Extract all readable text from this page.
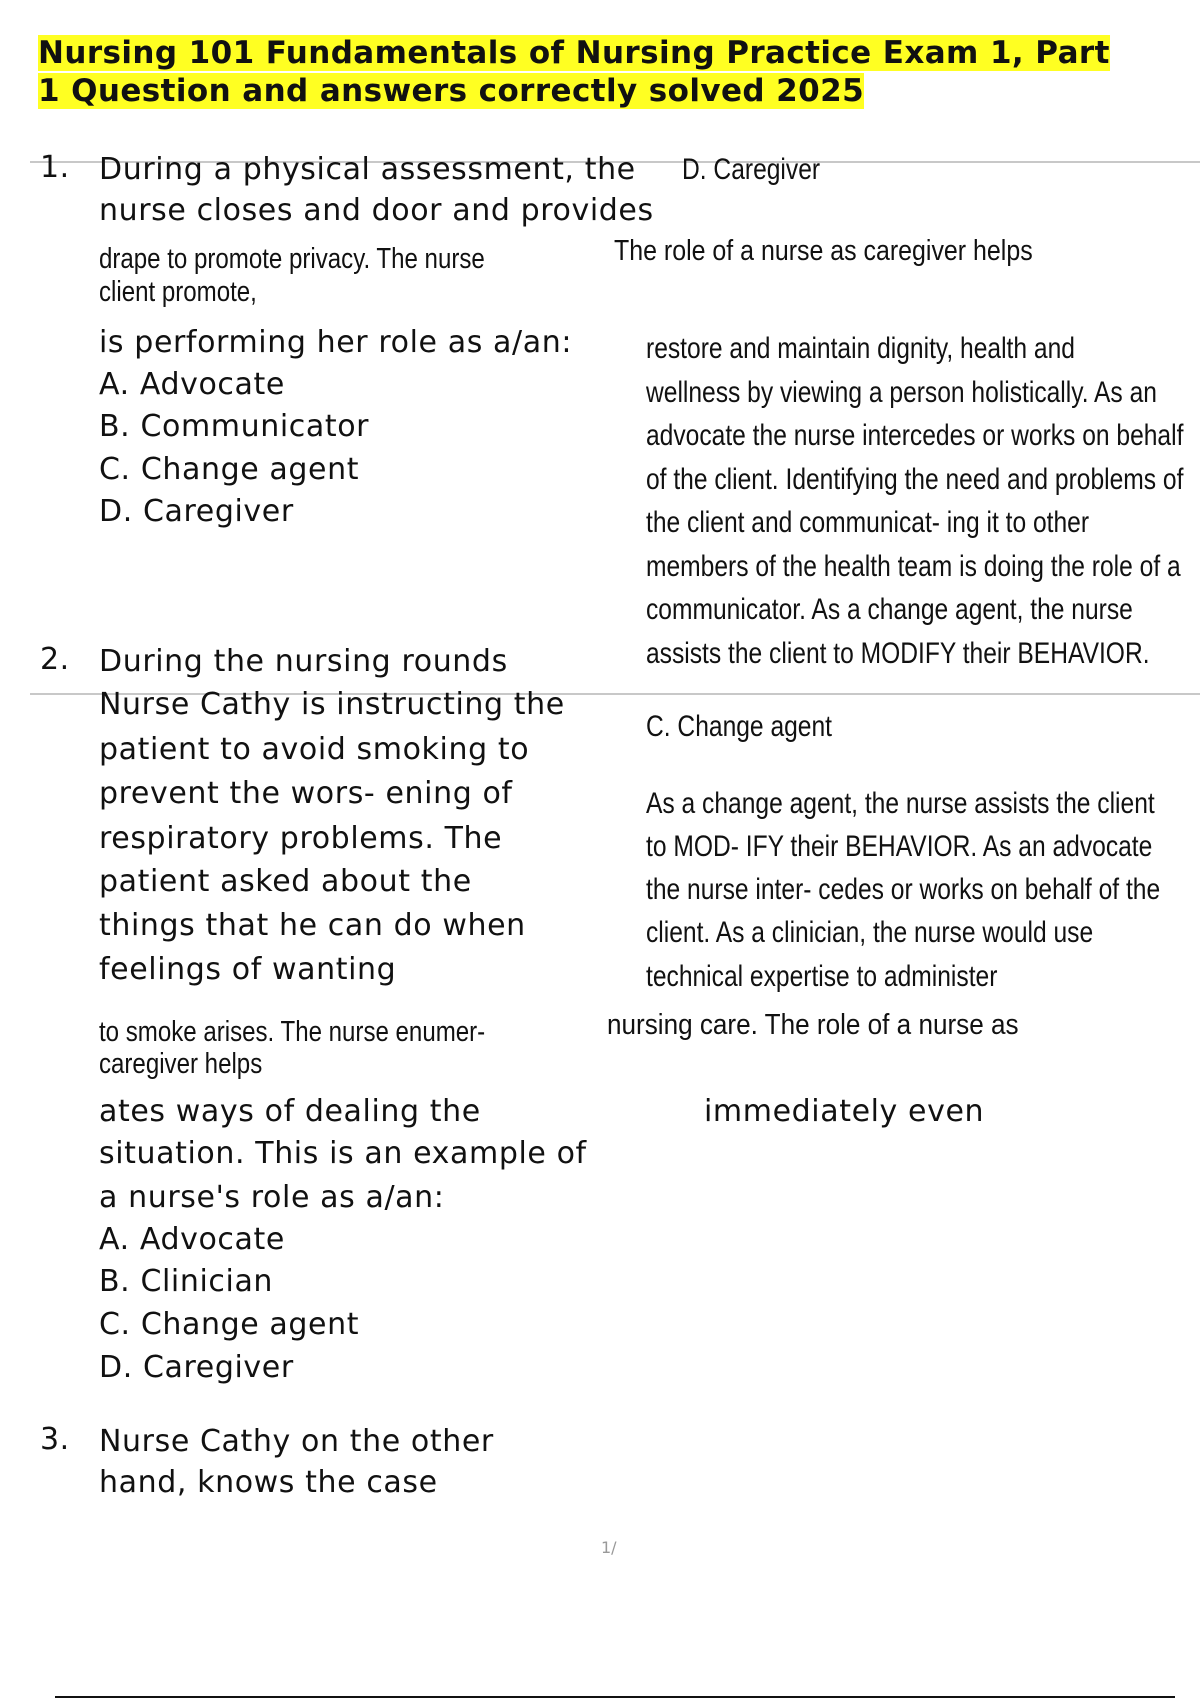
Nursing 101 Fundamentals of Nursing Practice Exam 1, Part
1 Question and answers correctly solved 2025
1. During a physical assessment, the D. Caregiver
nurse closes and door and provides
drape to promote privacy. The nurse
client promote,
The role of a nurse as caregiver helps
is performing her role as a/an:
A. Advocate
B. Communicator
C. Change agent
D. Caregiver
restore and maintain dignity, health and
wellness by viewing a person holistically. As an
advocate the nurse intercedes or works on behalf
of the client. Identifying the need and problems of
the client and communicat- ing it to other
members of the health team is doing the role of a
communicator. As a change agent, the nurse
assists the client to MODIFY their BEHAVIOR.
2. During the nursing rounds
Nurse Cathy is instructing the
patient to avoid smoking to
prevent the wors- ening of
respiratory problems. The
patient asked about the
things that he can do when
feelings of wanting
C. Change agent
As a change agent, the nurse assists the client
to MOD- IFY their BEHAVIOR. As an advocate
the nurse inter- cedes or works on behalf of the
client. As a clinician, the nurse would use
technical expertise to administer
to smoke arises. The nurse enumer-
caregiver helps
nursing care. The role of a nurse as
ates ways of dealing the	immediately even
situation. This is an example of
a nurse's role as a/an:
A. Advocate
B. Clinician
C. Change agent
D. Caregiver
3. Nurse Cathy on the other
hand, knows the case
1/
